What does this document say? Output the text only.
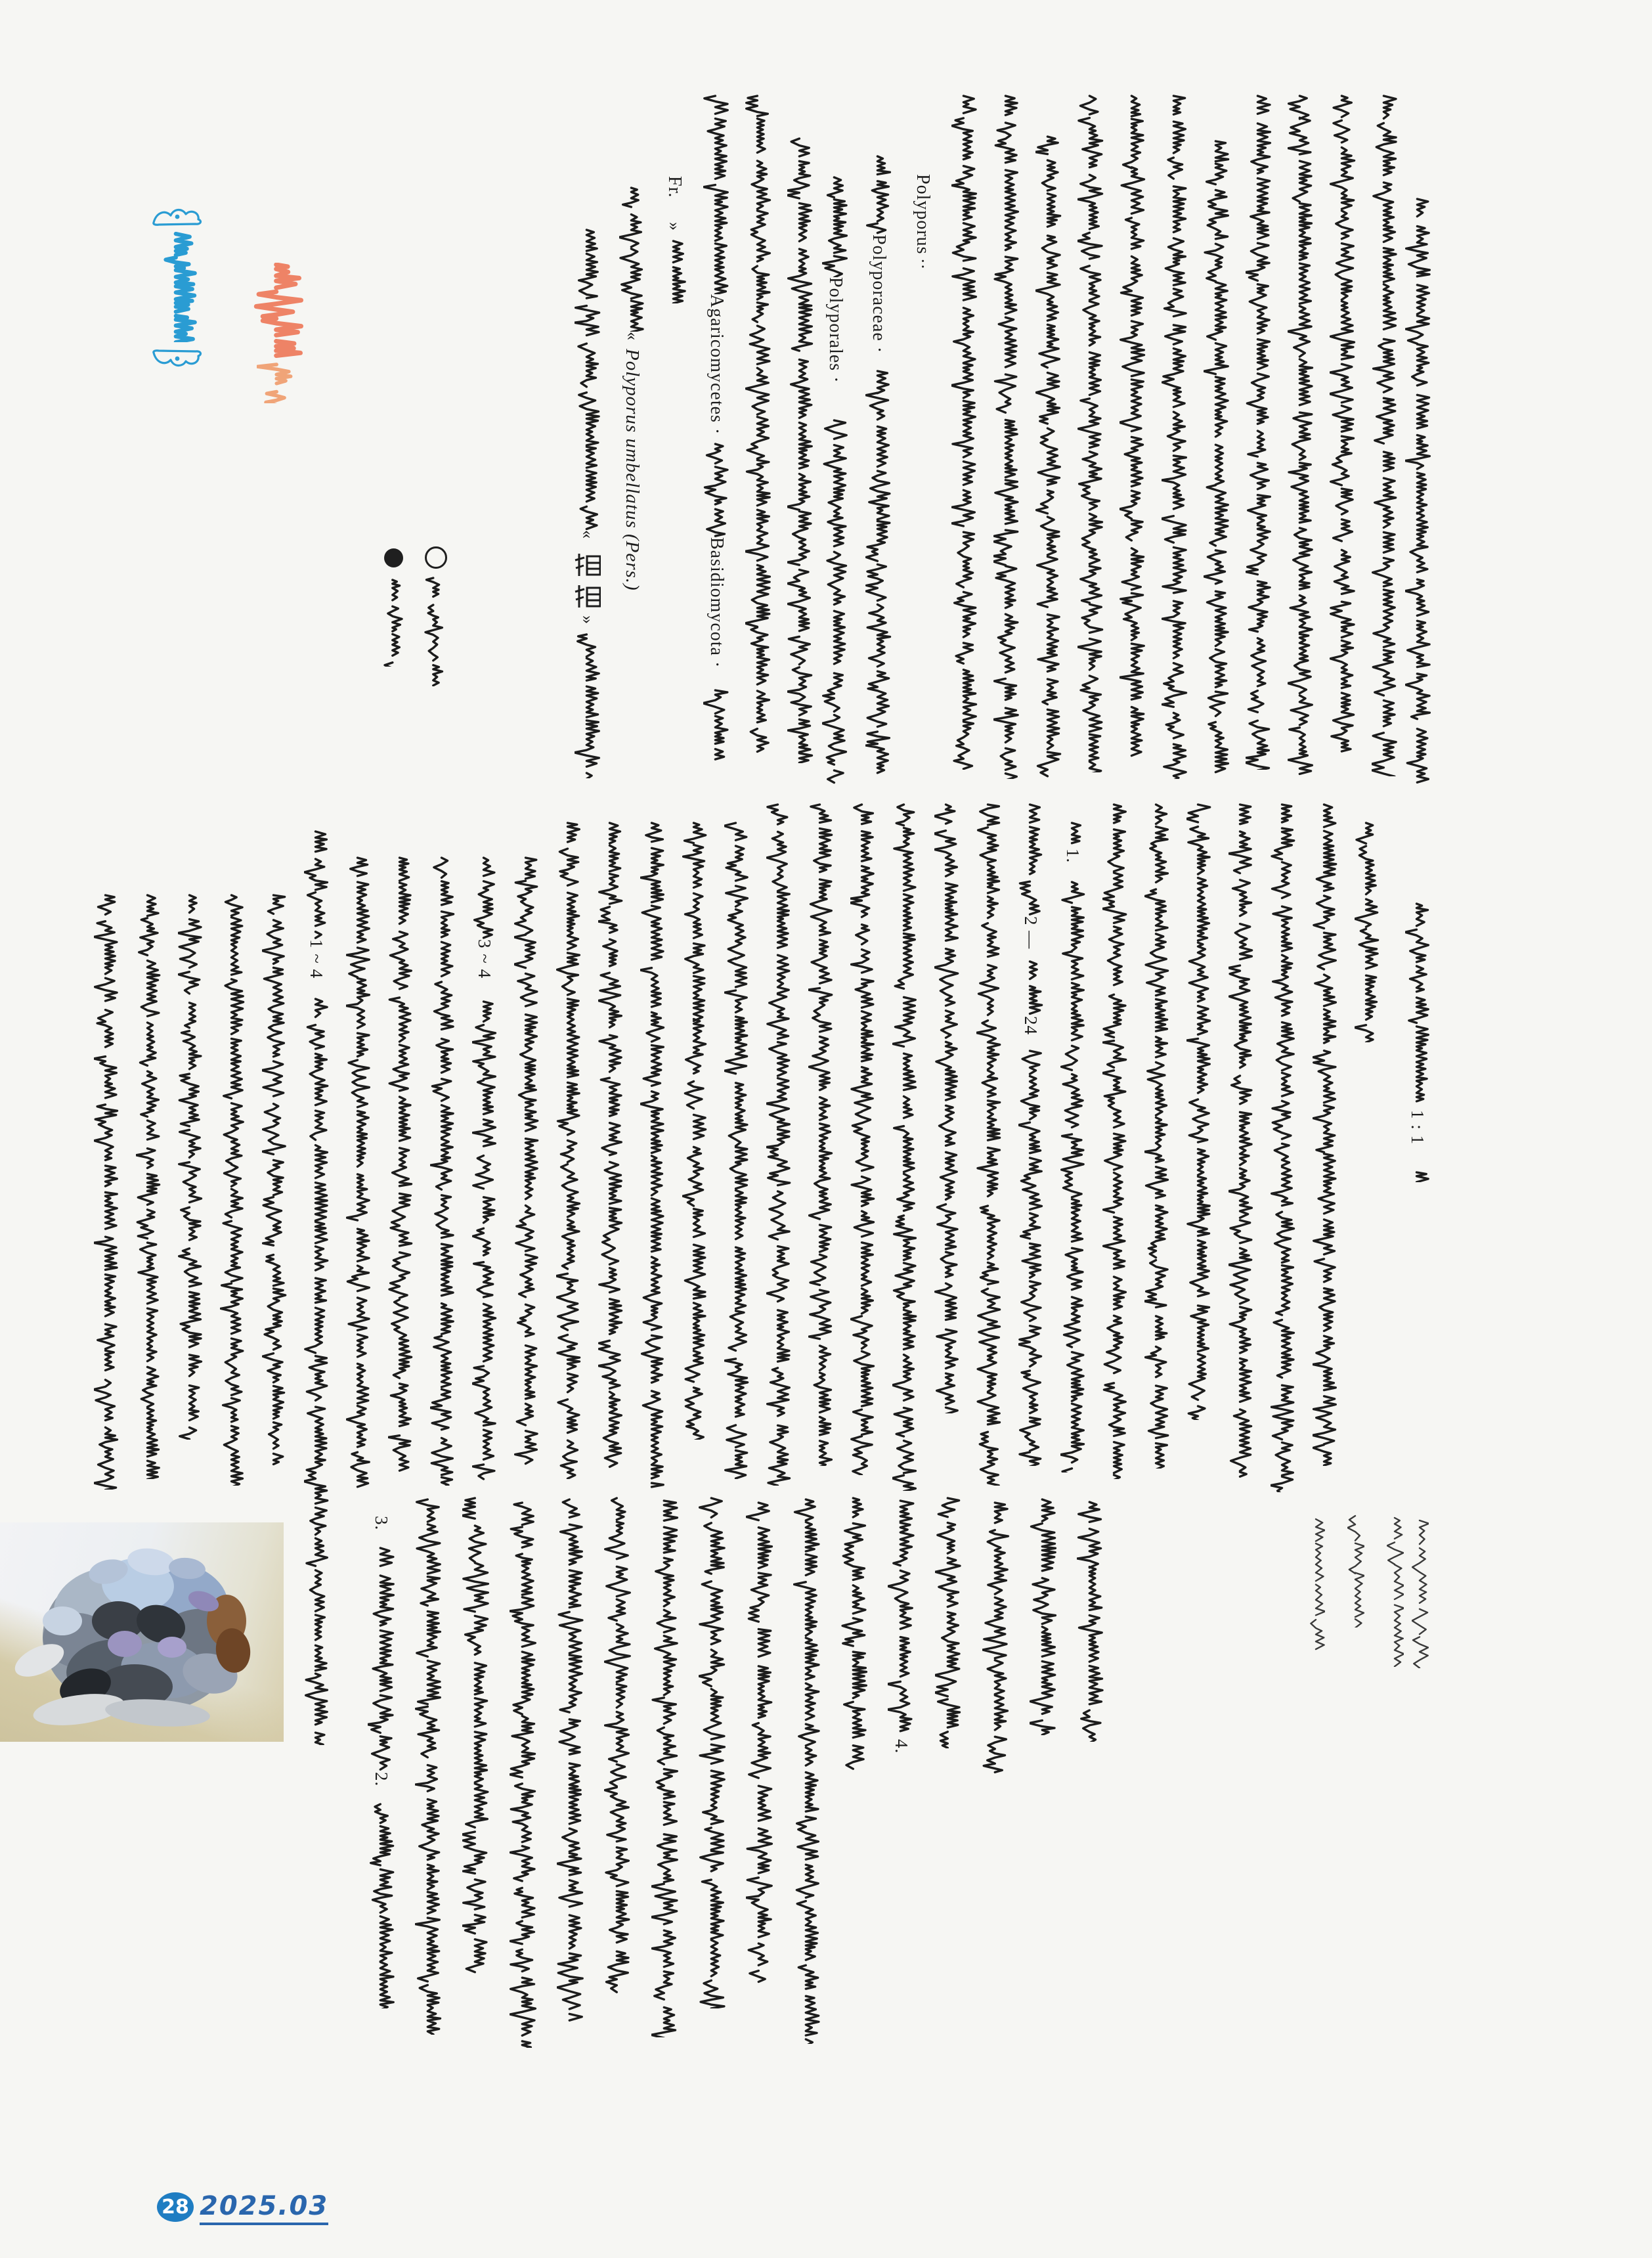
«
»
«
Polyporus umbellatus (Pers.)
Fr.
»
Agaricomycetes ·
Basidiomycota ·
Polyporales · Polyporaceae ·
Polyporus
··
1 ~ 4	3 ~ 4
2 —
24
1.
1 : 1
3.
2.
4.
28 2025.03
